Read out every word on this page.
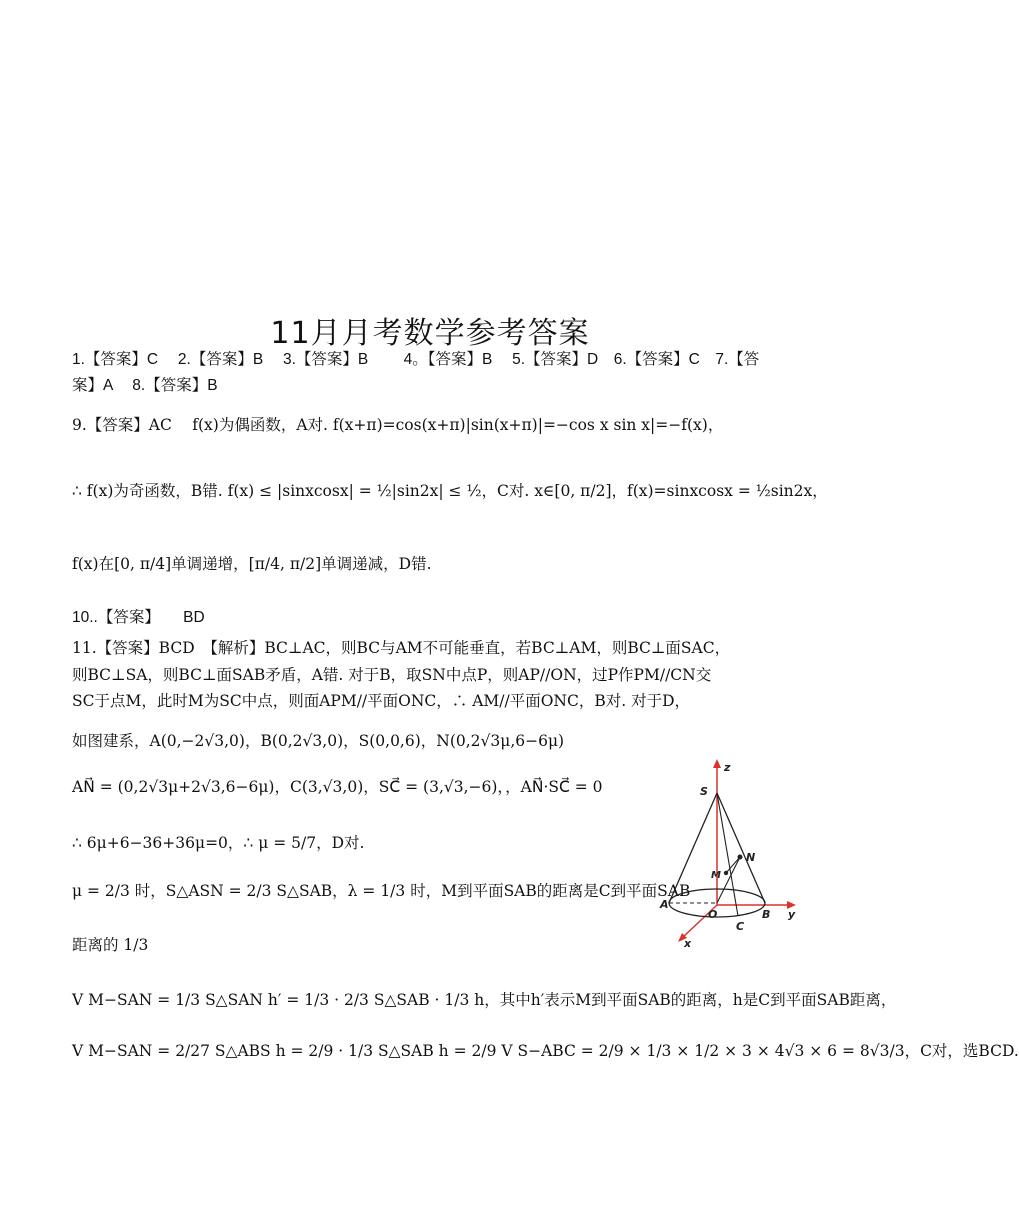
11月月考数学参考答案
1.【答案】C　 2.【答案】B　 3.【答案】B　　 4。【答案】B　 5.【答案】D　6.【答案】C　7.【答
案】A　 8.【答案】B
9.【答案】AC　 f(x)为偶函数，A对. f(x+π)=cos(x+π)|sin(x+π)|=−cos x sin x|=−f(x)，
∴ f(x)为奇函数，B错. f(x) ≤ |sinxcosx| = ½|sin2x| ≤ ½，C对. x∈[0, π/2]，f(x)=sinxcosx = ½sin2x，
f(x)在[0, π/4]单调递增，[π/4, π/2]单调递减，D错.
10..【答案】　　BD
11.【答案】BCD　【解析】BC⊥AC，则BC与AM不可能垂直，若BC⊥AM，则BC⊥面SAC，
则BC⊥SA，则BC⊥面SAB矛盾，A错. 对于B，取SN中点P，则AP//ON，过P作PM//CN交
SC于点M，此时M为SC中点，则面APM//平面ONC，∴ AM//平面ONC，B对. 对于D，
如图建系，A(0,−2√3,0)，B(0,2√3,0)，S(0,0,6)，N(0,2√3μ,6−6μ)
AN⃗ = (0,2√3μ+2√3,6−6μ)，C(3,√3,0)，SC⃗ = (3,√3,−6)，，AN⃗·SC⃗ = 0
∴ 6μ+6−36+36μ=0，∴ μ = 5/7，D对.
μ = 2/3 时，S△ASN = 2/3 S△SAB，λ = 1/3 时，M到平面SAB的距离是C到平面SAB
距离的 1/3
V M−SAN = 1/3 S△SAN h′ = 1/3 · 2/3 S△SAB · 1/3 h，其中h′表示M到平面SAB的距离，h是C到平面SAB距离，
V M−SAN = 2/27 S△ABS h = 2/9 · 1/3 S△SAB h = 2/9 V S−ABC = 2/9 × 1/3 × 1/2 × 3 × 4√3 × 6 = 8√3/3，C对，选BCD.
z
S
N
M
A
O	B y
C
x
